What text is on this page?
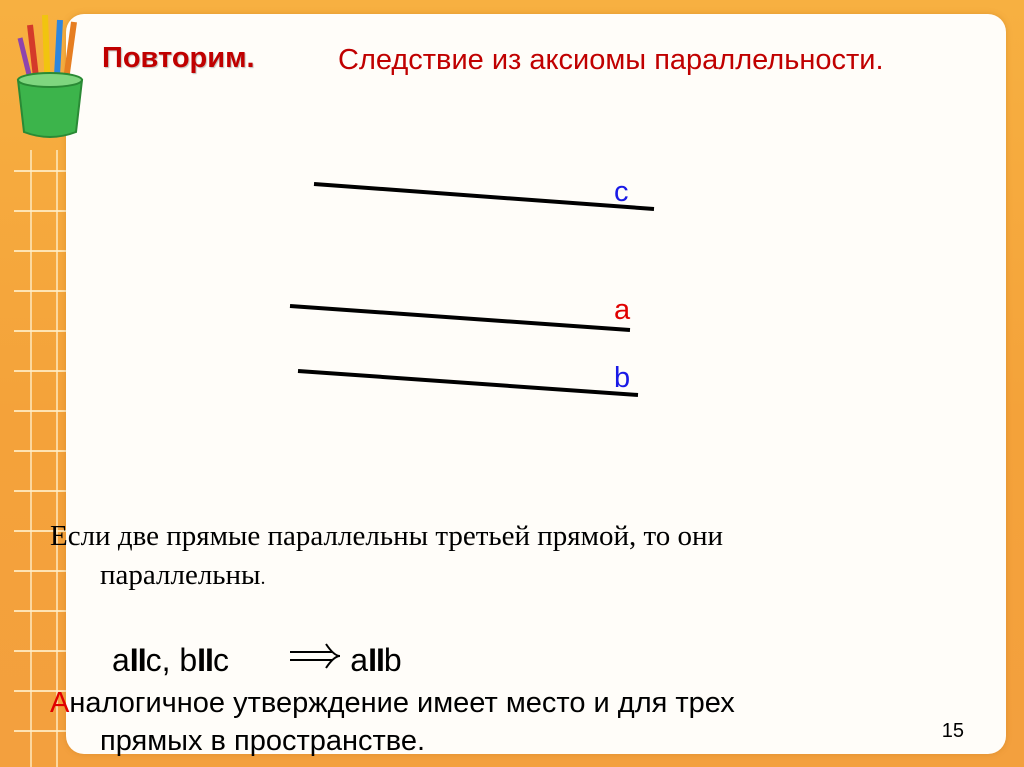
Повторим.	Следствие из аксиомы параллельности.
c
a
b
Если две прямые параллельны третьей прямой, то они
параллельны.
a II c, b II c

	a II b
Аналогичное утверждение имеет место и для трех
прямых в пространстве.	15
